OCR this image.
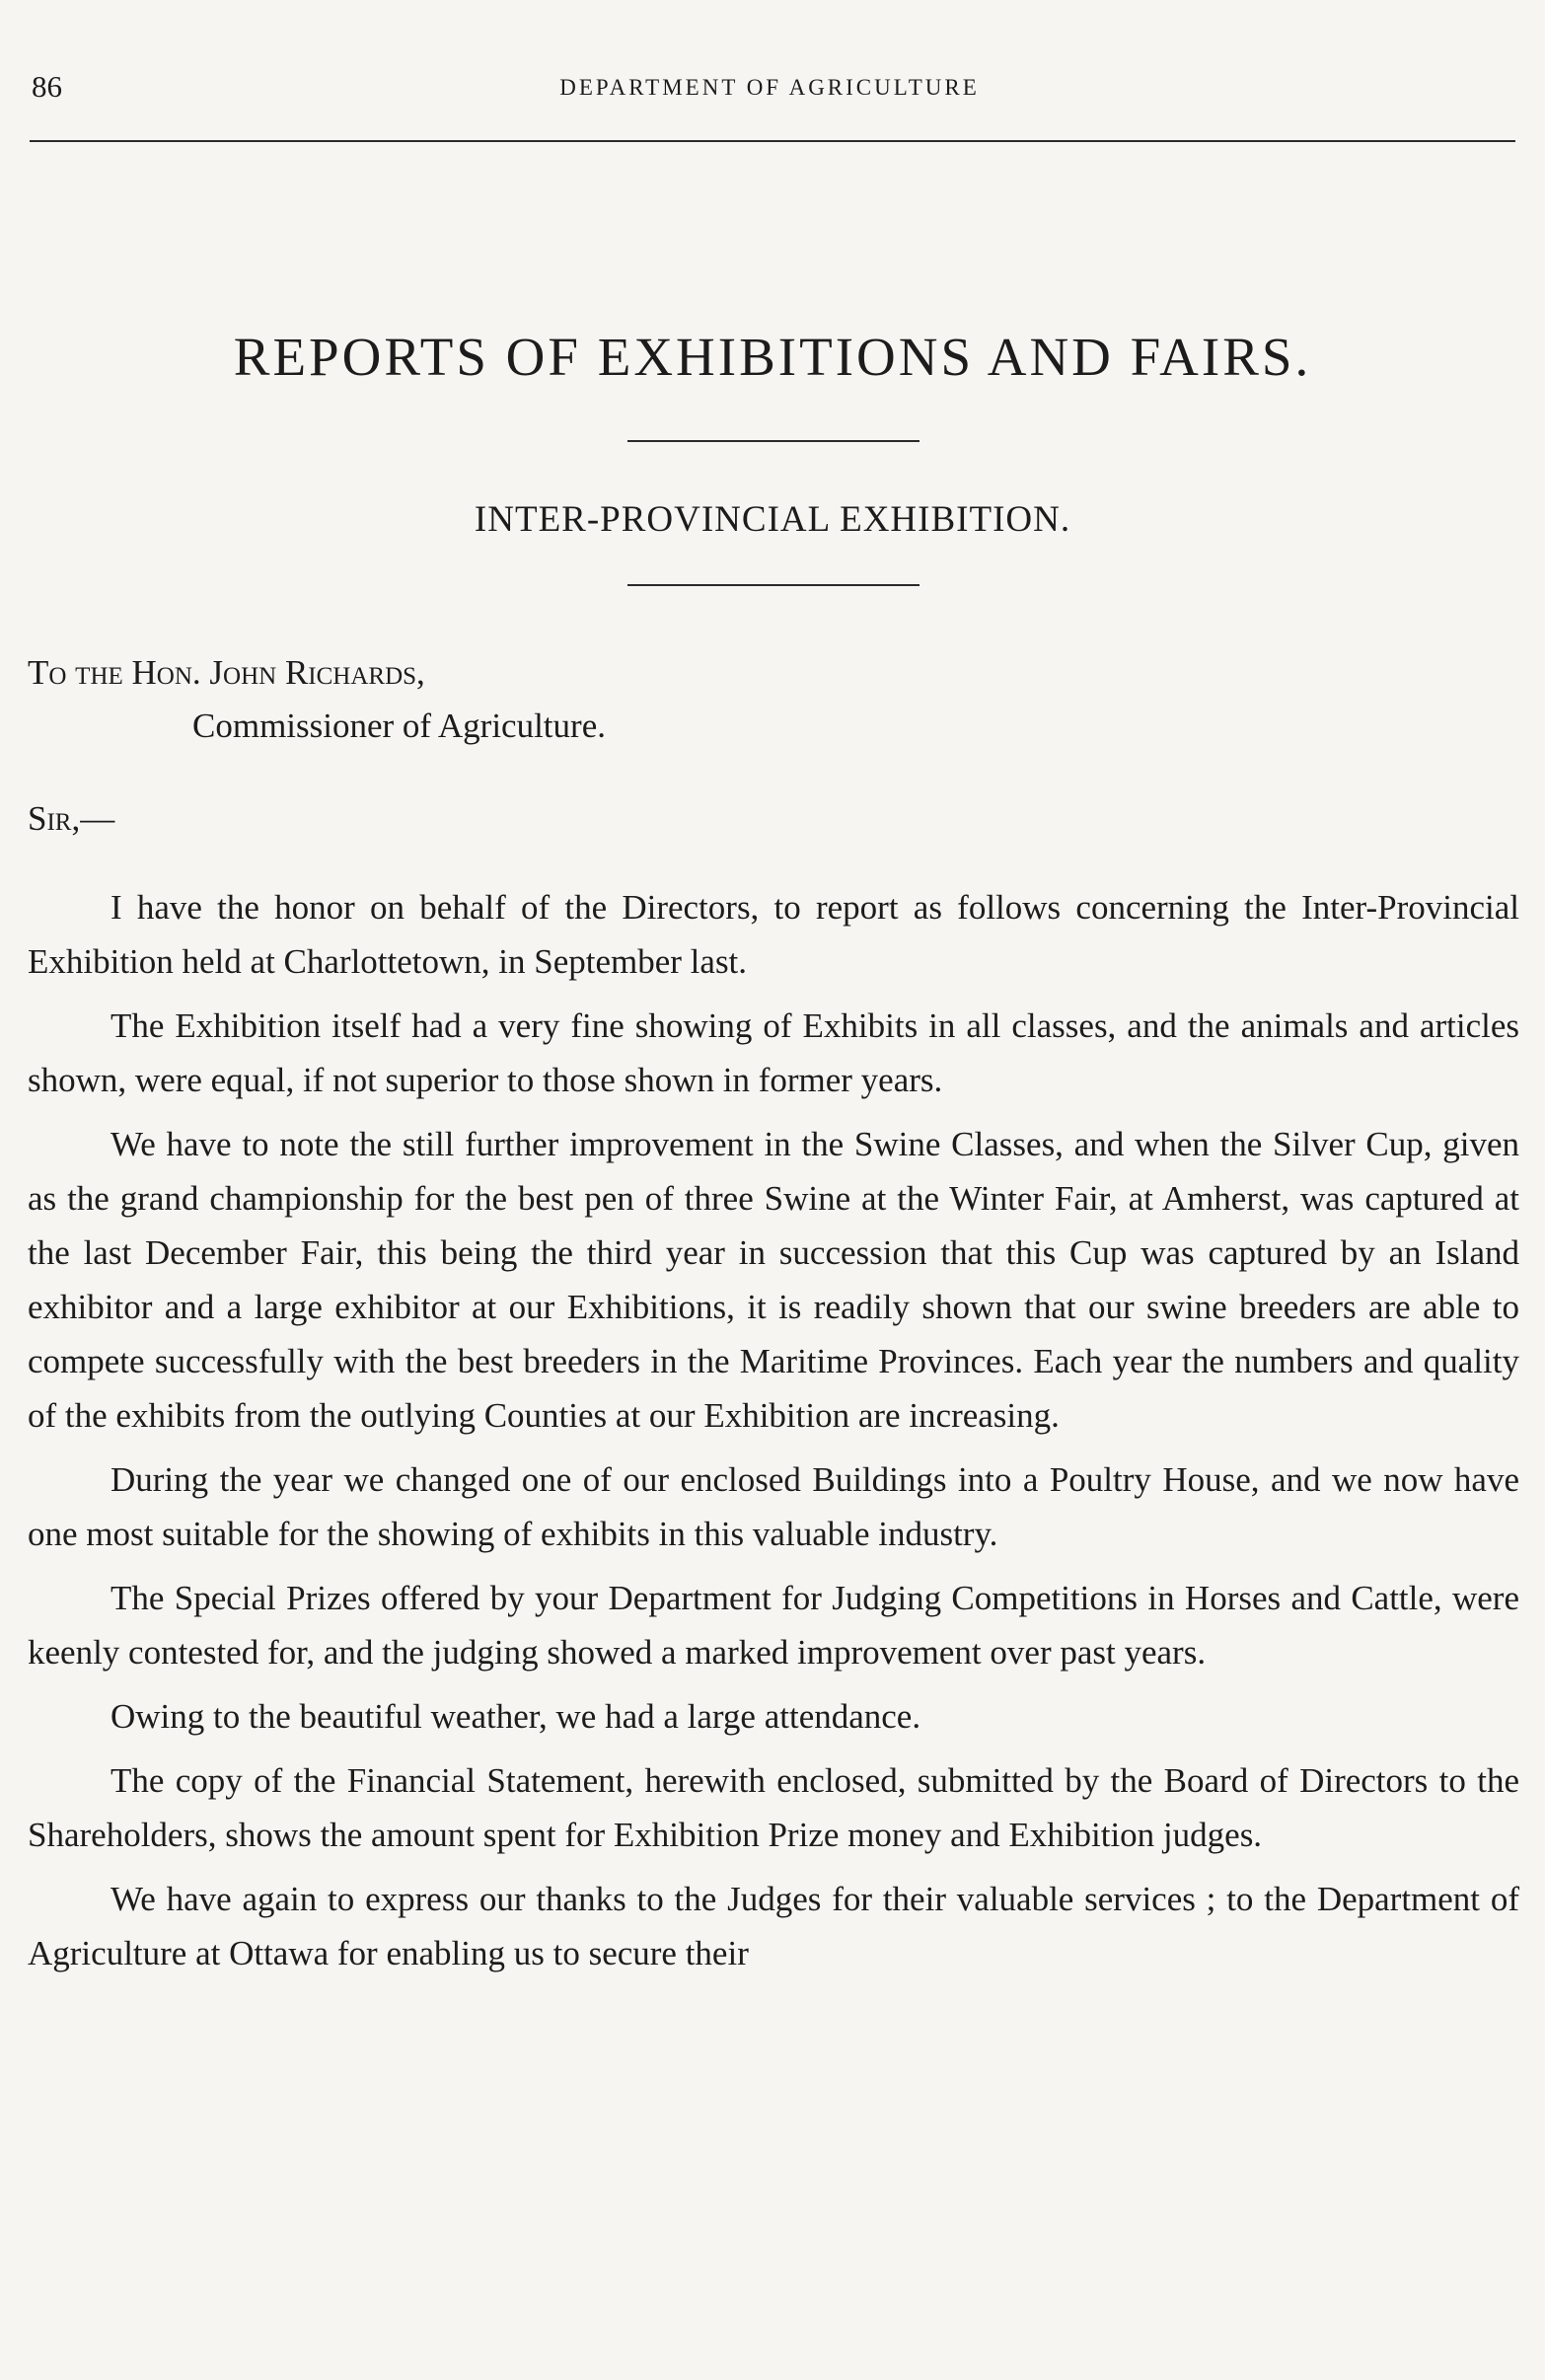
86	DEPARTMENT OF AGRICULTURE
REPORTS OF EXHIBITIONS AND FAIRS.
INTER-PROVINCIAL EXHIBITION.
To the Hon. John Richards,
Commissioner of Agriculture.
Sir,—

I have the honor on behalf of the Directors, to report as follows concerning the Inter-Provincial Exhibition held at Charlottetown, in September last.

The Exhibition itself had a very fine showing of Exhibits in all classes, and the animals and articles shown, were equal, if not superior to those shown in former years.

We have to note the still further improvement in the Swine Classes, and when the Silver Cup, given as the grand championship for the best pen of three Swine at the Winter Fair, at Amherst, was captured at the last December Fair, this being the third year in succession that this Cup was captured by an Island exhibitor and a large exhibitor at our Exhibitions, it is readily shown that our swine breeders are able to compete successfully with the best breeders in the Maritime Provinces. Each year the numbers and quality of the exhibits from the outlying Counties at our Exhibition are increasing.

During the year we changed one of our enclosed Buildings into a Poultry House, and we now have one most suitable for the showing of exhibits in this valuable industry.

The Special Prizes offered by your Department for Judging Competitions in Horses and Cattle, were keenly contested for, and the judging showed a marked improvement over past years.

Owing to the beautiful weather, we had a large attendance.

The copy of the Financial Statement, herewith enclosed, submitted by the Board of Directors to the Shareholders, shows the amount spent for Exhibition Prize money and Exhibition judges.

We have again to express our thanks to the Judges for their valuable services ; to the Department of Agriculture at Ottawa for enabling us to secure their
